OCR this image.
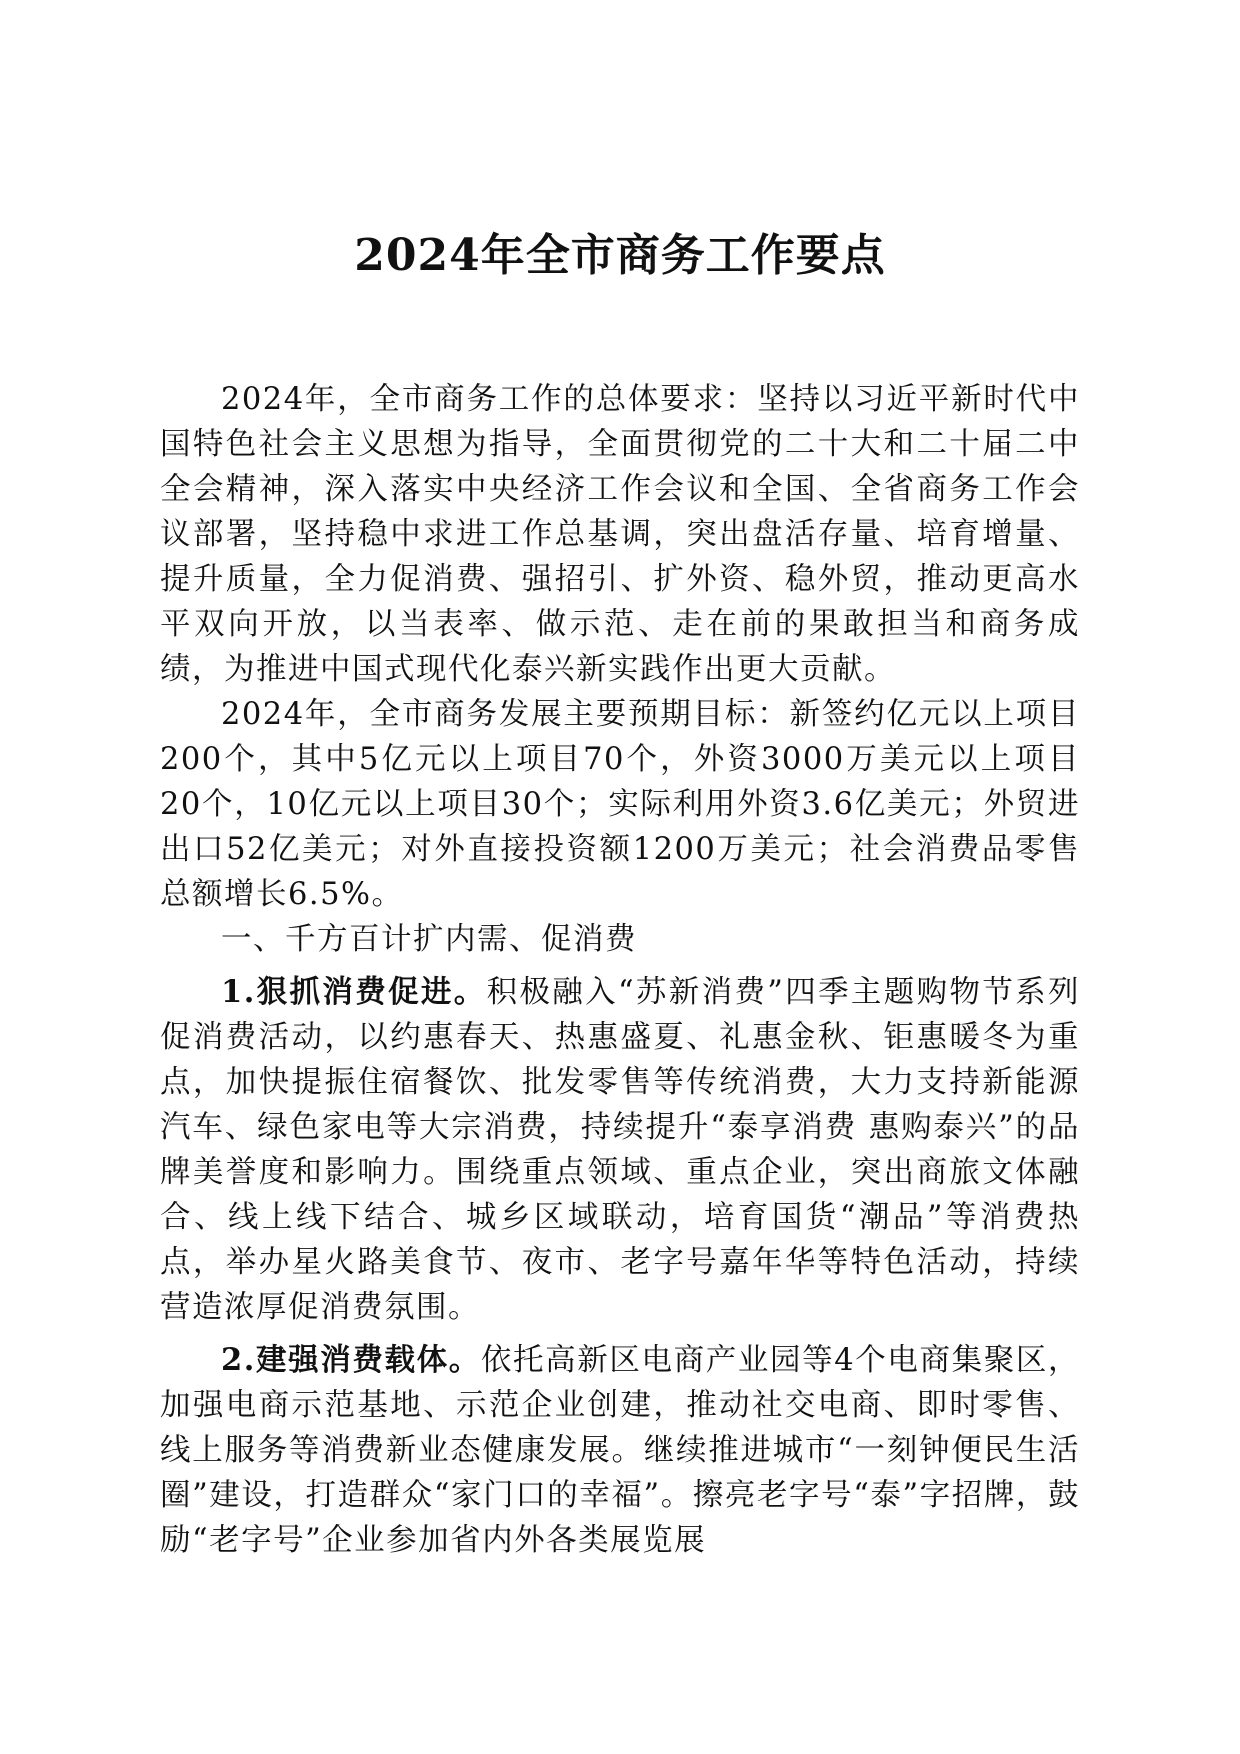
2024年全市商务工作要点

2024年，全市商务工作的总体要求：坚持以习近平新时代中国特色社会主义思想为指导，全面贯彻党的二十大和二十届二中全会精神，深入落实中央经济工作会议和全国、全省商务工作会议部署，坚持稳中求进工作总基调，突出盘活存量、培育增量、提升质量，全力促消费、强招引、扩外资、稳外贸，推动更高水平双向开放，以当表率、做示范、走在前的果敢担当和商务成绩，为推进中国式现代化泰兴新实践作出更大贡献。

2024年，全市商务发展主要预期目标：新签约亿元以上项目200个，其中5亿元以上项目70个，外资3000万美元以上项目20个，10亿元以上项目30个；实际利用外资3.6亿美元；外贸进出口52亿美元；对外直接投资额1200万美元；社会消费品零售总额增长6.5%。

一、千方百计扩内需、促消费

1.狠抓消费促进。积极融入“苏新消费”四季主题购物节系列促消费活动，以约惠春天、热惠盛夏、礼惠金秋、钜惠暖冬为重点，加快提振住宿餐饮、批发零售等传统消费，大力支持新能源汽车、绿色家电等大宗消费，持续提升“泰享消费 惠购泰兴”的品牌美誉度和影响力。围绕重点领域、重点企业，突出商旅文体融合、线上线下结合、城乡区域联动，培育国货“潮品”等消费热点，举办星火路美食节、夜市、老字号嘉年华等特色活动，持续营造浓厚促消费氛围。

2.建强消费载体。依托高新区电商产业园等4个电商集聚区，加强电商示范基地、示范企业创建，推动社交电商、即时零售、线上服务等消费新业态健康发展。继续推进城市“一刻钟便民生活圈”建设，打造群众“家门口的幸福”。擦亮老字号“泰”字招牌，鼓励“老字号”企业参加省内外各类展览展
